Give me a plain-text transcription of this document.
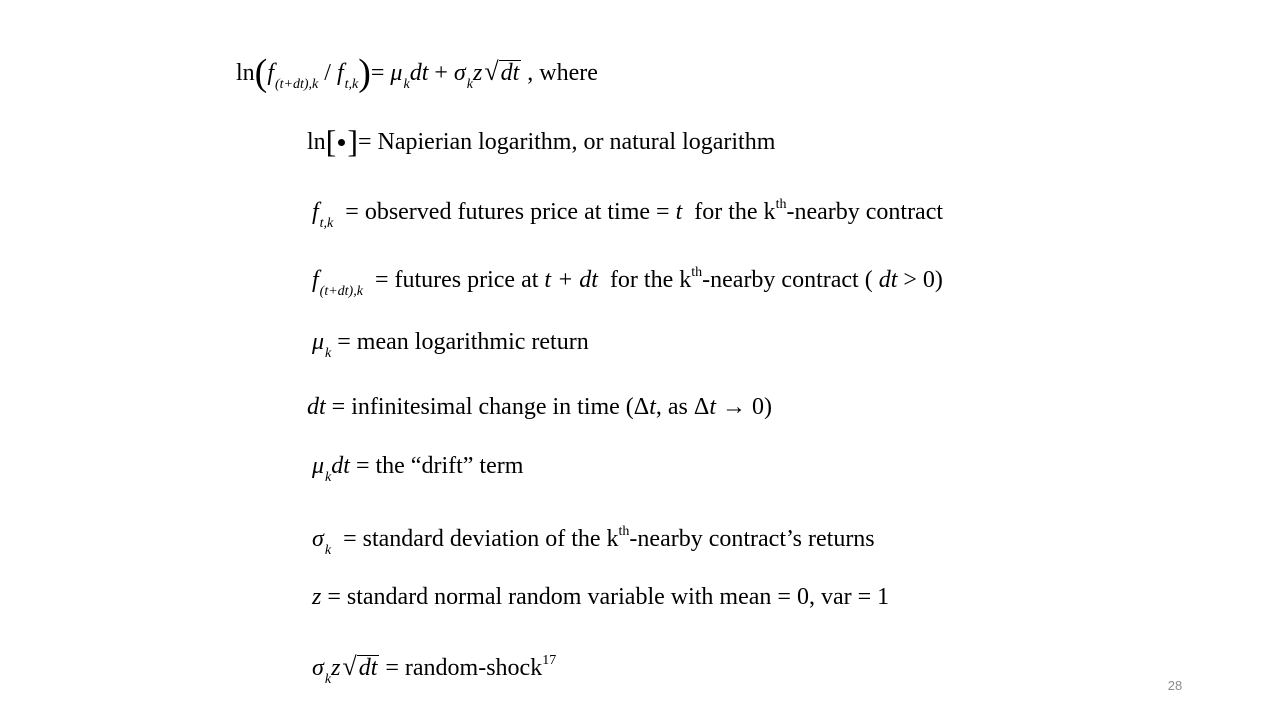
$\ln(f_{(t+dt),k} / f_{t,k})= \mu_kdt + \sigma_kz√dt$ , where
ln[ ]= Napierian logarithm, or natural logarithm
$f_{t,k}$ = observed futures price at time = t for the $k^{th}$-nearby contract
$f_{(t+dt),k}$ = futures price at t + dt for the $k^{th}$-nearby contract ( dt > 0)
$\mu_k$ = mean logarithmic return
dt = infinitesimal change in time (Δt, as Δt → 0)
$\mu_kdt$ = the “drift” term
$\sigma_k$ = standard deviation of the $k^{th}$-nearby contract’s returns
z = standard normal random variable with mean = 0, var = 1
$\sigma_kz√dt$ = random-shock$^{17}$
28
